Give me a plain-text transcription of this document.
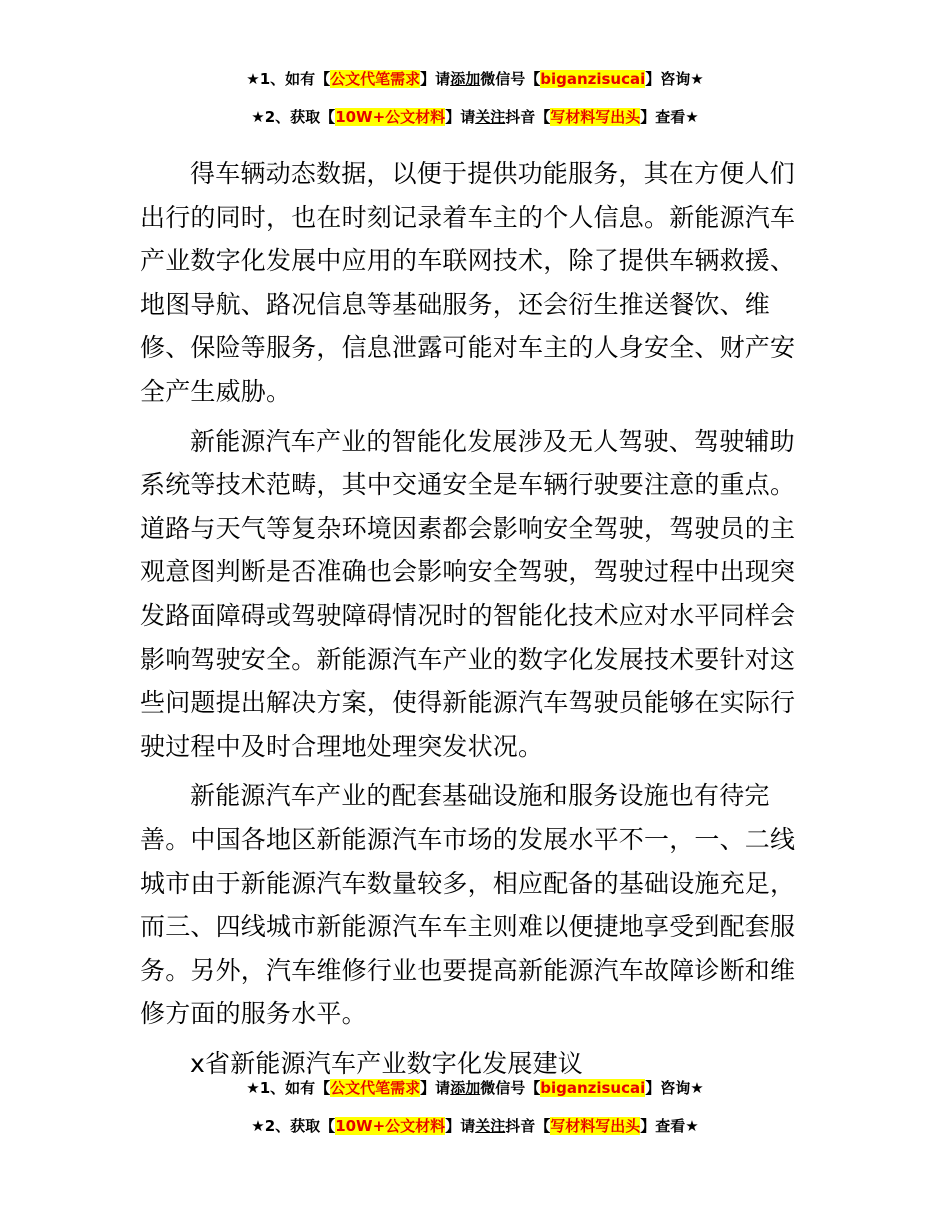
★1、如有【公文代笔需求】请添加微信号【biganzisucai】咨询★
★2、获取【10W+公文材料】请关注抖音【写材料写出头】查看★

得车辆动态数据，以便于提供功能服务，其在方便人们出行的同时，也在时刻记录着车主的个人信息。新能源汽车产业数字化发展中应用的车联网技术，除了提供车辆救援、地图导航、路况信息等基础服务，还会衍生推送餐饮、维修、保险等服务，信息泄露可能对车主的人身安全、财产安全产生威胁。

新能源汽车产业的智能化发展涉及无人驾驶、驾驶辅助系统等技术范畴，其中交通安全是车辆行驶要注意的重点。道路与天气等复杂环境因素都会影响安全驾驶，驾驶员的主观意图判断是否准确也会影响安全驾驶，驾驶过程中出现突发路面障碍或驾驶障碍情况时的智能化技术应对水平同样会影响驾驶安全。新能源汽车产业的数字化发展技术要针对这些问题提出解决方案，使得新能源汽车驾驶员能够在实际行驶过程中及时合理地处理突发状况。

新能源汽车产业的配套基础设施和服务设施也有待完善。中国各地区新能源汽车市场的发展水平不一，一、二线城市由于新能源汽车数量较多，相应配备的基础设施充足，而三、四线城市新能源汽车车主则难以便捷地享受到配套服务。另外，汽车维修行业也要提高新能源汽车故障诊断和维修方面的服务水平。

x省新能源汽车产业数字化发展建议

★1、如有【公文代笔需求】请添加微信号【biganzisucai】咨询★
★2、获取【10W+公文材料】请关注抖音【写材料写出头】查看★
